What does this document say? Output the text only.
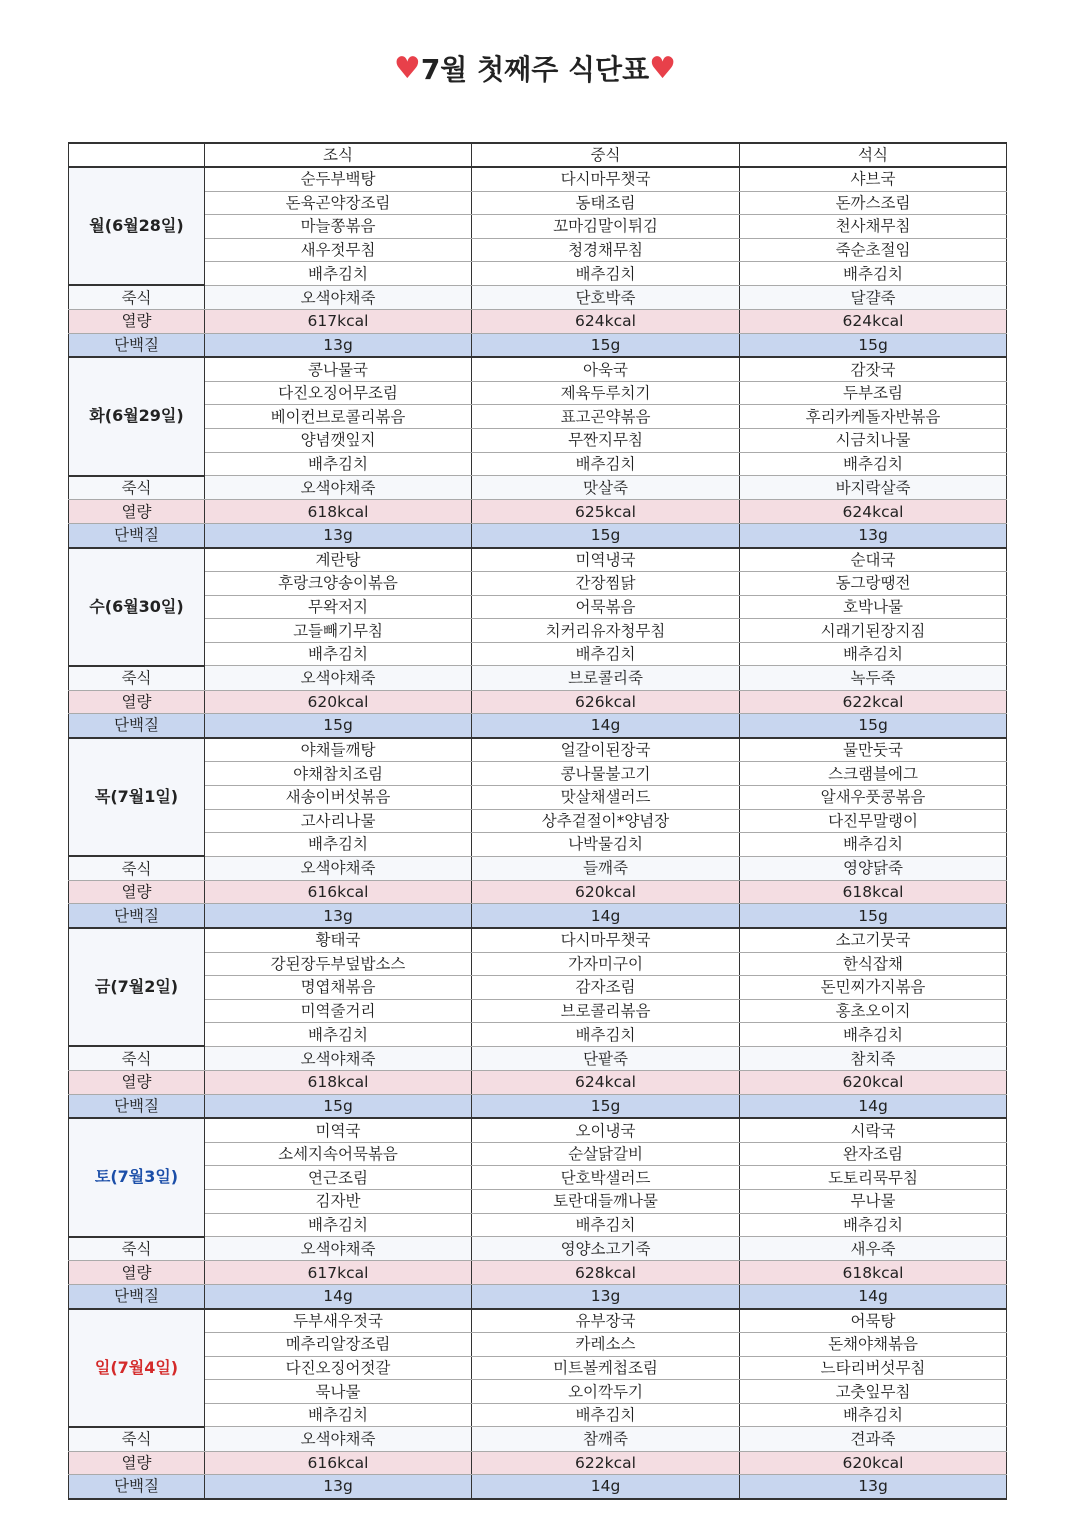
♥ 7월 첫째주 식단표 ♥
	조식	중식	석식
월(6월28일)	순두부백탕	다시마무챗국	샤브국
	돈육곤약장조림	동태조림	돈까스조림
	마늘쫑볶음	꼬마김말이튀김	천사채무침
	새우젓무침	청경채무침	죽순초절임
	배추김치	배추김치	배추김치
죽식	오색야채죽	단호박죽	달걀죽
열량	617kcal	624kcal	624kcal
단백질	13g	15g	15g
화(6월29일)	콩나물국	아욱국	감잣국
	다진오징어무조림	제육두루치기	두부조림
	베이컨브로콜리볶음	표고곤약볶음	후리카케돌자반볶음
	양념깻잎지	무짠지무침	시금치나물
	배추김치	배추김치	배추김치
죽식	오색야채죽	맛살죽	바지락살죽
열량	618kcal	625kcal	624kcal
단백질	13g	15g	13g
수(6월30일)	계란탕	미역냉국	순대국
	후랑크양송이볶음	간장찜닭	동그랑땡전
	무왁저지	어묵볶음	호박나물
	고들빼기무침	치커리유자청무침	시래기된장지짐
	배추김치	배추김치	배추김치
죽식	오색야채죽	브로콜리죽	녹두죽
열량	620kcal	626kcal	622kcal
단백질	15g	14g	15g
목(7월1일)	야채들깨탕	얼갈이된장국	물만둣국
	야채참치조림	콩나물불고기	스크램블에그
	새송이버섯볶음	맛살채샐러드	알새우풋콩볶음
	고사리나물	상추겉절이*양념장	다진무말랭이
	배추김치	나박물김치	배추김치
죽식	오색야채죽	들깨죽	영양닭죽
열량	616kcal	620kcal	618kcal
단백질	13g	14g	15g
금(7월2일)	황태국	다시마무챗국	소고기뭇국
	강된장두부덮밥소스	가자미구이	한식잡채
	명엽채볶음	감자조림	돈민찌가지볶음
	미역줄거리	브로콜리볶음	홍초오이지
	배추김치	배추김치	배추김치
죽식	오색야채죽	단팥죽	참치죽
열량	618kcal	624kcal	620kcal
단백질	15g	15g	14g
토(7월3일)	미역국	오이냉국	시락국
	소세지속어묵볶음	순살닭갈비	완자조림
	연근조림	단호박샐러드	도토리묵무침
	김자반	토란대들깨나물	무나물
	배추김치	배추김치	배추김치
죽식	오색야채죽	영양소고기죽	새우죽
열량	617kcal	628kcal	618kcal
단백질	14g	13g	14g
일(7월4일)	두부새우젓국	유부장국	어묵탕
	메추리알장조림	카레소스	돈채야채볶음
	다진오징어젓갈	미트볼케첩조림	느타리버섯무침
	묵나물	오이깍두기	고춧잎무침
	배추김치	배추김치	배추김치
죽식	오색야채죽	참깨죽	견과죽
열량	616kcal	622kcal	620kcal
단백질	13g	14g	13g
